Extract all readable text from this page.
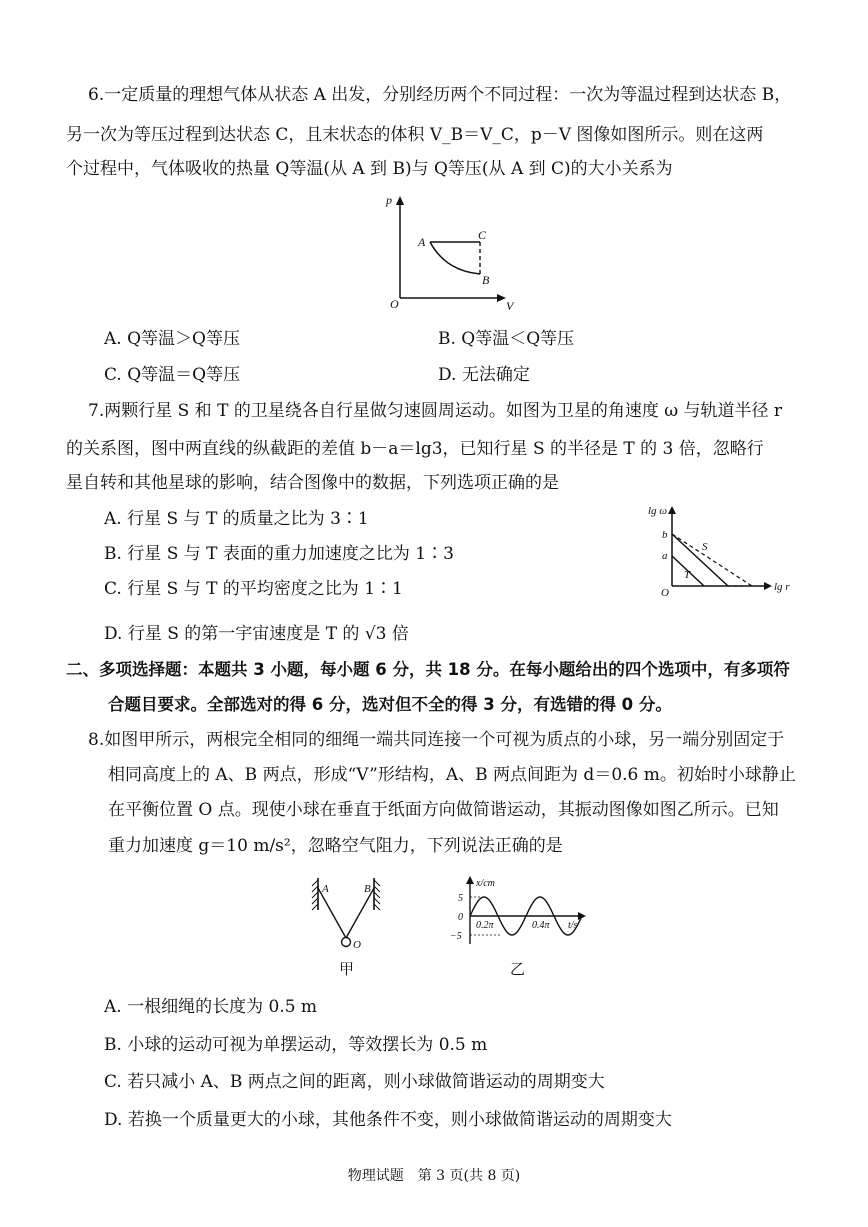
6.一定质量的理想气体从状态 A 出发，分别经历两个不同过程：一次为等温过程到达状态 B，
另一次为等压过程到达状态 C，且末状态的体积 V_B＝V_C，p－V 图像如图所示。则在这两
个过程中，气体吸收的热量 Q等温(从 A 到 B)与 Q等压(从 A 到 C)的大小关系为
p
V
O
A
B
C
A. Q等温＞Q等压	B. Q等温＜Q等压
C. Q等温＝Q等压	D. 无法确定
7.两颗行星 S 和 T 的卫星绕各自行星做匀速圆周运动。如图为卫星的角速度 ω 与轨道半径 r
的关系图，图中两直线的纵截距的差值 b－a＝lg3，已知行星 S 的半径是 T 的 3 倍，忽略行
星自转和其他星球的影响，结合图像中的数据，下列选项正确的是
A. 行星 S 与 T 的质量之比为 3∶1
B. 行星 S 与 T 表面的重力加速度之比为 1∶3
C. 行星 S 与 T 的平均密度之比为 1∶1
D. 行星 S 的第一宇宙速度是 T 的 √3 倍
lg ω
lg r
O
b
a
S
T
二、多项选择题：本题共 3 小题，每小题 6 分，共 18 分。在每小题给出的四个选项中，有多项符
合题目要求。全部选对的得 6 分，选对但不全的得 3 分，有选错的得 0 分。
8.如图甲所示，两根完全相同的细绳一端共同连接一个可视为质点的小球，另一端分别固定于
相同高度上的 A、B 两点，形成“V”形结构，A、B 两点间距为 d＝0.6 m。初始时小球静止
在平衡位置 O 点。现使小球在垂直于纸面方向做简谐运动，其振动图像如图乙所示。已知
重力加速度 g＝10 m/s²，忽略空气阻力，下列说法正确的是
A	B
O
甲
x/cm
5
0
−5
0.2π	0.4π t/s
乙
A. 一根细绳的长度为 0.5 m
B. 小球的运动可视为单摆运动，等效摆长为 0.5 m
C. 若只减小 A、B 两点之间的距离，则小球做简谐运动的周期变大
D. 若换一个质量更大的小球，其他条件不变，则小球做简谐运动的周期变大
物理试题　第 3 页(共 8 页)
